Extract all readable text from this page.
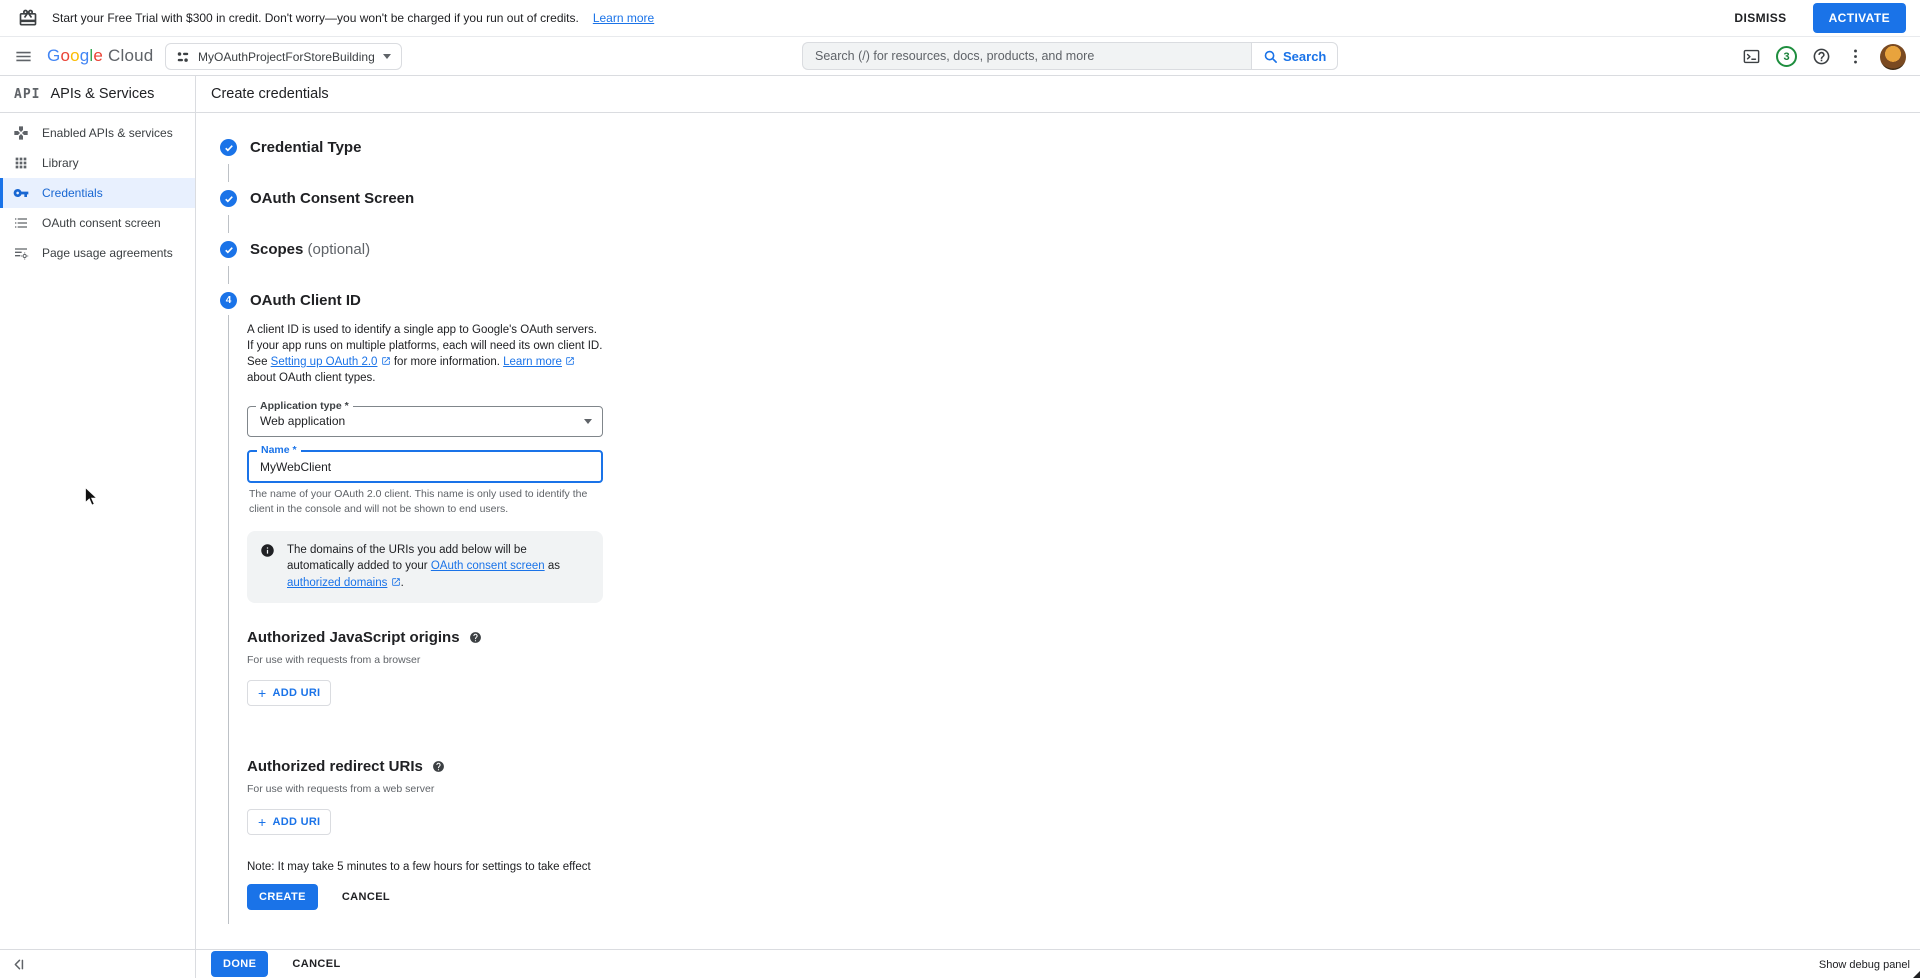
Start your Free Trial with $300 in credit. Don't worry—you won't be charged if you run out of credits. Learn more	DISMISS	ACTIVATE
Google Cloud	MyOAuthProjectForStoreBuilding
Search (/) for resources, docs, products, and more	Search	3
API APIs & Services
Enabled APIs & services
Library
Credentials
OAuth consent screen
Page usage agreements
Create credentials
Credential Type
OAuth Consent Screen
Scopes (optional)
4	OAuth Client ID

A client ID is used to identify a single app to Google's OAuth servers. If your app runs on multiple platforms, each will need its own client ID. See Setting up OAuth 2.0  for more information. Learn more  about OAuth client types.

Application type *
Web application
Name *
MyWebClient

The name of your OAuth 2.0 client. This name is only used to identify the client in the console and will not be shown to end users.

The domains of the URIs you add below will be automatically added to your OAuth consent screen as authorized domains .
Authorized JavaScript origins
For use with requests from a browser
+ ADD URI
Authorized redirect URIs
For use with requests from a web server
+ ADD URI
Note: It may take 5 minutes to a few hours for settings to take effect
CREATE	CANCEL
DONE	CANCEL	Show debug panel
